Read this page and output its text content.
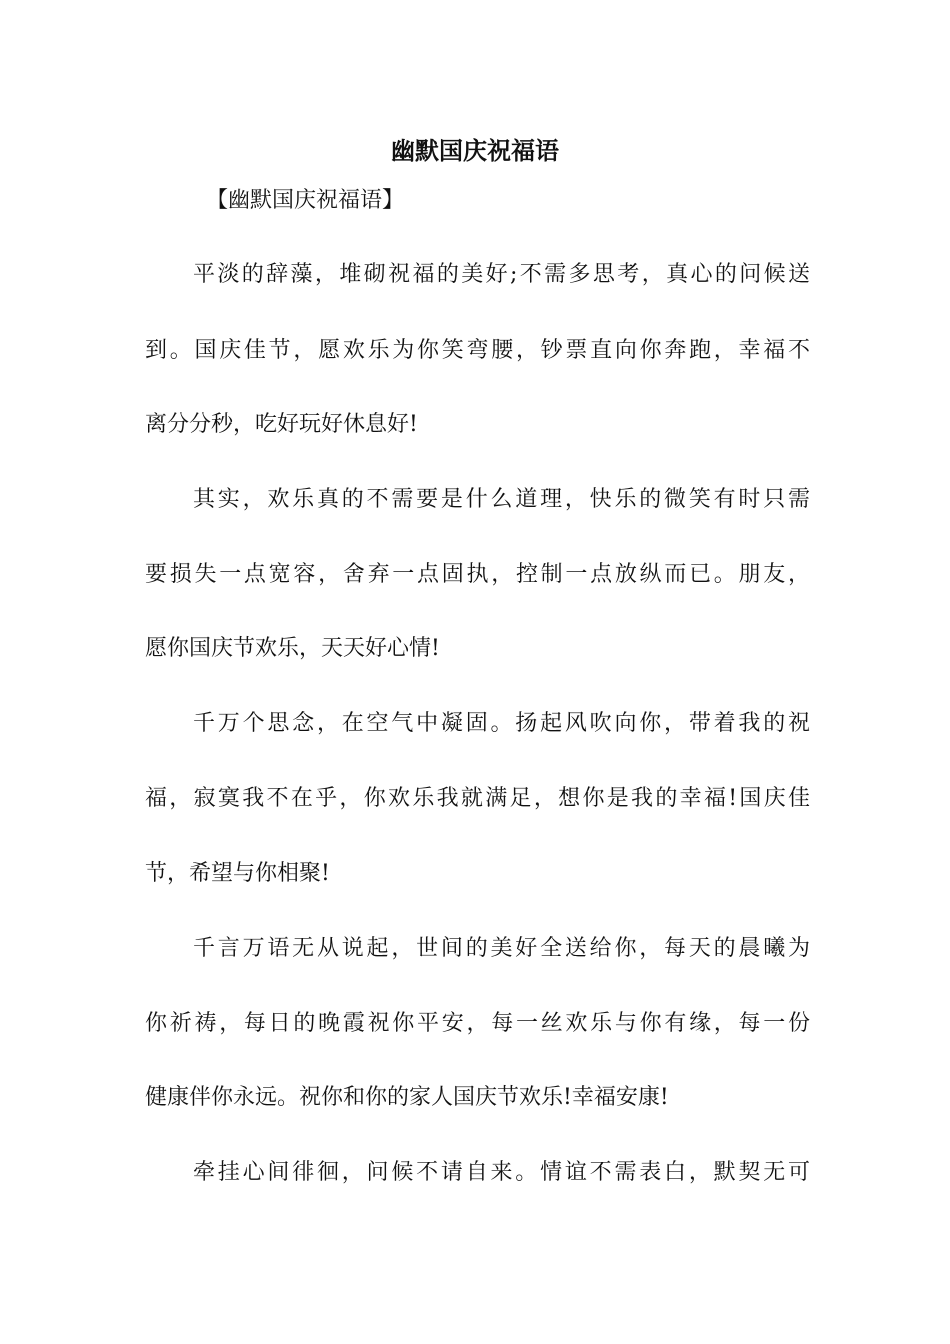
幽默国庆祝福语

【幽默国庆祝福语】

平淡的辞藻，堆砌祝福的美好;不需多思考，真心的问候送

到。国庆佳节，愿欢乐为你笑弯腰，钞票直向你奔跑，幸福不

离分分秒，吃好玩好休息好!

其实，欢乐真的不需要是什么道理，快乐的微笑有时只需

要损失一点宽容，舍弃一点固执，控制一点放纵而已。朋友，

愿你国庆节欢乐，天天好心情!

千万个思念，在空气中凝固。扬起风吹向你，带着我的祝

福，寂寞我不在乎，你欢乐我就满足，想你是我的幸福!国庆佳

节，希望与你相聚!

千言万语无从说起，世间的美好全送给你，每天的晨曦为

你祈祷，每日的晚霞祝你平安，每一丝欢乐与你有缘，每一份

健康伴你永远。祝你和你的家人国庆节欢乐!幸福安康!

牵挂心间徘徊，问候不请自来。情谊不需表白，默契无可
